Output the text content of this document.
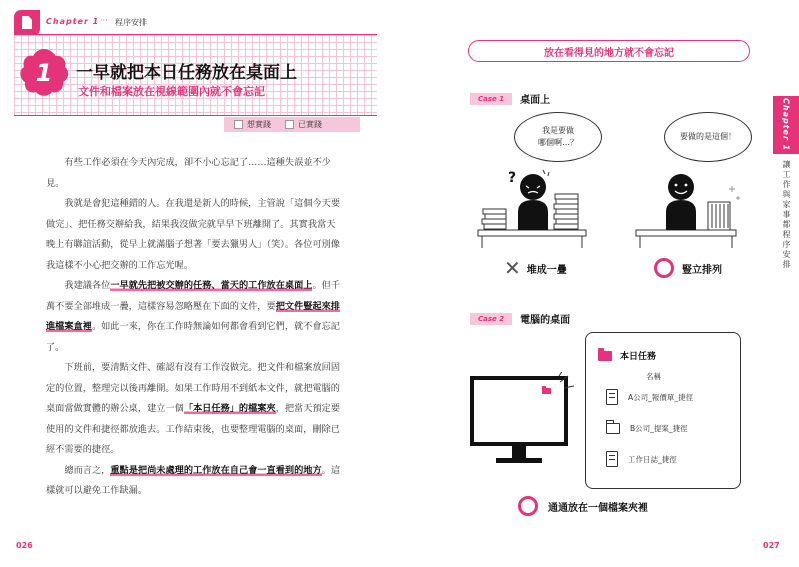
Chapter 1 ··· 程序安排
1 一早就把本日任務放在桌面上
文件和檔案放在視線範圍內就不會忘記
想實踐	已實踐

有些工作必須在今天內完成，卻不小心忘記了……這種失誤並不少見。

我就是會犯這種錯的人。在我還是新人的時候，主管說「這個今天要做完」、把任務交辦給我，結果我沒做完就早早下班離開了。其實我當天晚上有聯誼活動，從早上就滿腦子想著「要去獵男人」（笑）。各位可別像我這樣不小心把交辦的工作忘光喔。

我建議各位一早就先把被交辦的任務、當天的工作放在桌面上。但千萬不要全部堆成一疊，這樣容易忽略壓在下面的文件，要把文件豎起來排進檔案盒裡。如此一來，你在工作時無論如何都會看到它們，就不會忘記了。

下班前，要清點文件、確認有沒有工作沒做完。把文件和檔案放回固定的位置，整理完以後再離開。如果工作時用不到紙本文件，就把電腦的桌面當做實體的辦公桌，建立一個「本日任務」的檔案夾，把當天預定要使用的文件和捷徑都放進去。工作結束後，也要整理電腦的桌面，刪除已經不需要的捷徑。

總而言之，重點是把尚未處理的工作放在自己會一直看到的地方。這樣就可以避免工作缺漏。

026
放在看得見的地方就不會忘記
Case 1	桌面上	Chapter 1
讓工作與家事都程序安排
我是要做
哪個啊…？
要做的是這個！
?
✕ 堆成一疊	豎立排列
Case 2	電腦的桌面
本日任務
名稱
A公司_報價單_捷徑
B公司_提案_捷徑
工作日誌_捷徑
通通放在一個檔案夾裡
027
